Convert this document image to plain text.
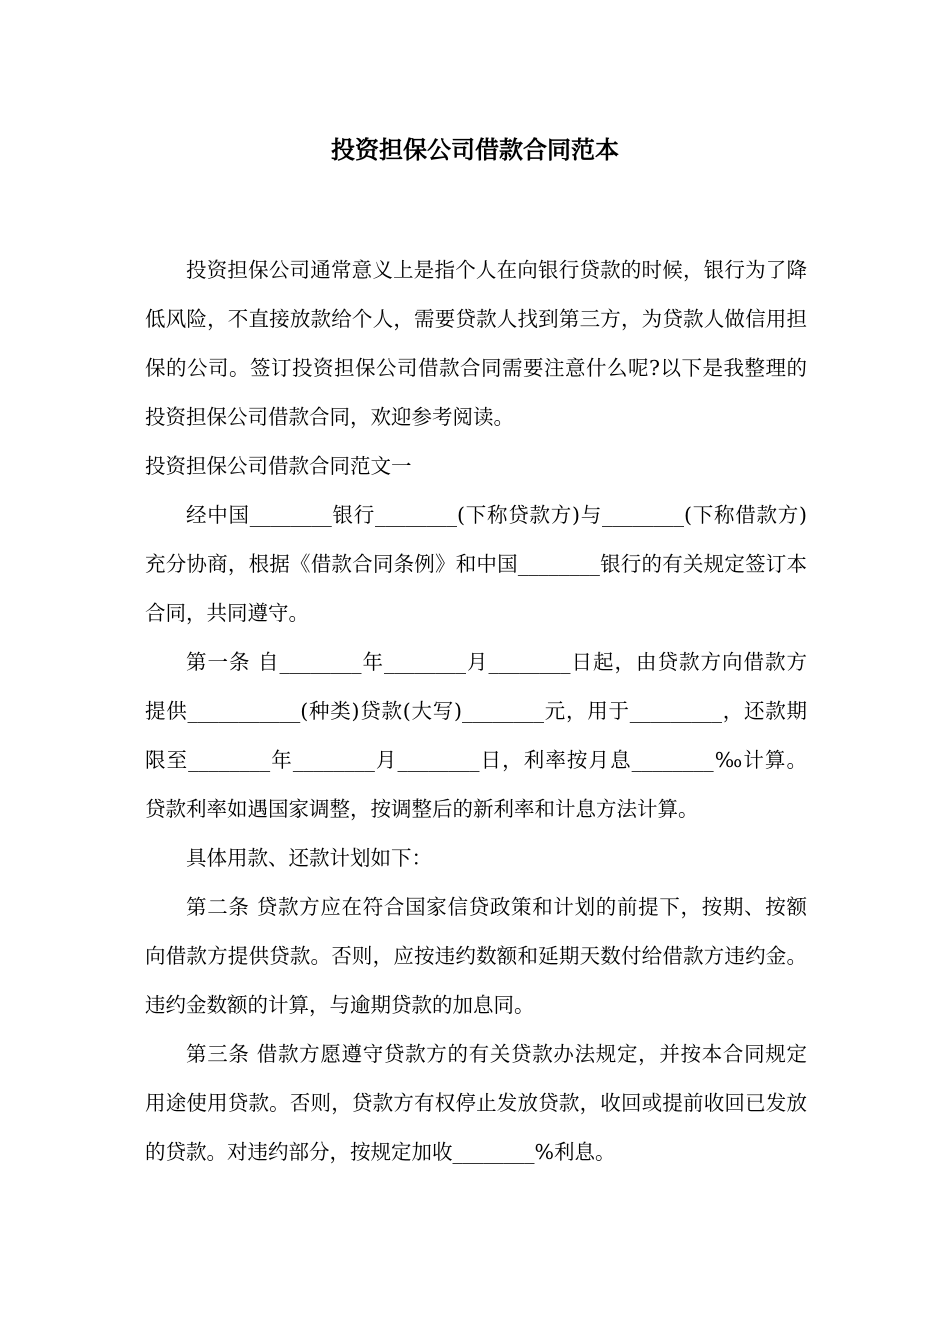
投资担保公司借款合同范本

投资担保公司通常意义上是指个人在向银行贷款的时候，银行为了降低风险，不直接放款给个人，需要贷款人找到第三方，为贷款人做信用担保的公司。签订投资担保公司借款合同需要注意什么呢?以下是我整理的投资担保公司借款合同，欢迎参考阅读。

投资担保公司借款合同范文一

经中国________银行________(下称贷款方)与________(下称借款方)充分协商，根据《借款合同条例》和中国________银行的有关规定签订本合同，共同遵守。

第一条 自________年________月________日起，由贷款方向借款方提供___________(种类)贷款(大写)________元，用于_________，还款期限至________年________月________日，利率按月息________‰计算。贷款利率如遇国家调整，按调整后的新利率和计息方法计算。

具体用款、还款计划如下：

第二条 贷款方应在符合国家信贷政策和计划的前提下，按期、按额向借款方提供贷款。否则，应按违约数额和延期天数付给借款方违约金。违约金数额的计算，与逾期贷款的加息同。

第三条 借款方愿遵守贷款方的有关贷款办法规定，并按本合同规定用途使用贷款。否则，贷款方有权停止发放贷款，收回或提前收回已发放的贷款。对违约部分，按规定加收________%利息。
